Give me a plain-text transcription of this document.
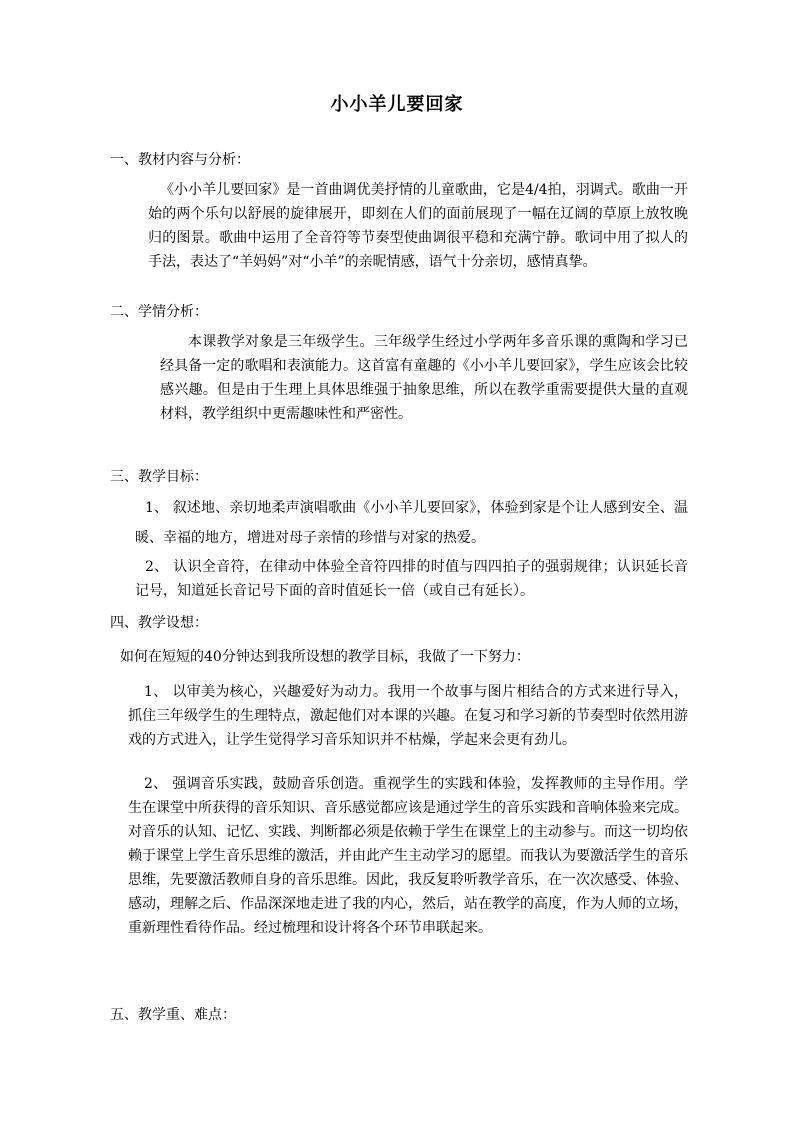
小小羊儿要回家
一、教材内容与分析：
《小小羊儿要回家》是一首曲调优美抒情的儿童歌曲，它是4/4拍，羽调式。歌曲一开始的两个乐句以舒展的旋律展开，即刻在人们的面前展现了一幅在辽阔的草原上放牧晚归的图景。歌曲中运用了全音符等节奏型使曲调很平稳和充满宁静。歌词中用了拟人的手法，表达了“羊妈妈”对“小羊”的亲昵情感，语气十分亲切，感情真挚。
二、学情分析：
本课教学对象是三年级学生。三年级学生经过小学两年多音乐课的熏陶和学习已经具备一定的歌唱和表演能力。这首富有童趣的《小小羊儿要回家》，学生应该会比较感兴趣。但是由于生理上具体思维强于抽象思维，所以在教学重需要提供大量的直观材料，教学组织中更需趣味性和严密性。
三、教学目标：
1、 叙述地、亲切地柔声演唱歌曲《小小羊儿要回家》，体验到家是个让人感到安全、温暖、幸福的地方，增进对母子亲情的珍惜与对家的热爱。
2、 认识全音符，在律动中体验全音符四排的时值与四四拍子的强弱规律；认识延长音记号，知道延长音记号下面的音时值延长一倍（或自己有延长）。
四、教学设想：
如何在短短的40分钟达到我所设想的教学目标，我做了一下努力：
1、 以审美为核心，兴趣爱好为动力。我用一个故事与图片相结合的方式来进行导入，抓住三年级学生的生理特点，激起他们对本课的兴趣。在复习和学习新的节奏型时依然用游戏的方式进入，让学生觉得学习音乐知识并不枯燥，学起来会更有劲儿。
2、 强调音乐实践，鼓励音乐创造。重视学生的实践和体验，发挥教师的主导作用。学生在课堂中所获得的音乐知识、音乐感觉都应该是通过学生的音乐实践和音响体验来完成。对音乐的认知、记忆、实践、判断都必须是依赖于学生在课堂上的主动参与。而这一切均依赖于课堂上学生音乐思维的激活，并由此产生主动学习的愿望。而我认为要激活学生的音乐思维，先要激活教师自身的音乐思维。因此，我反复聆听教学音乐，在一次次感受、体验、感动，理解之后、作品深深地走进了我的内心，然后，站在教学的高度，作为人师的立场，重新理性看待作品。经过梳理和设计将各个环节串联起来。
五、教学重、难点：
